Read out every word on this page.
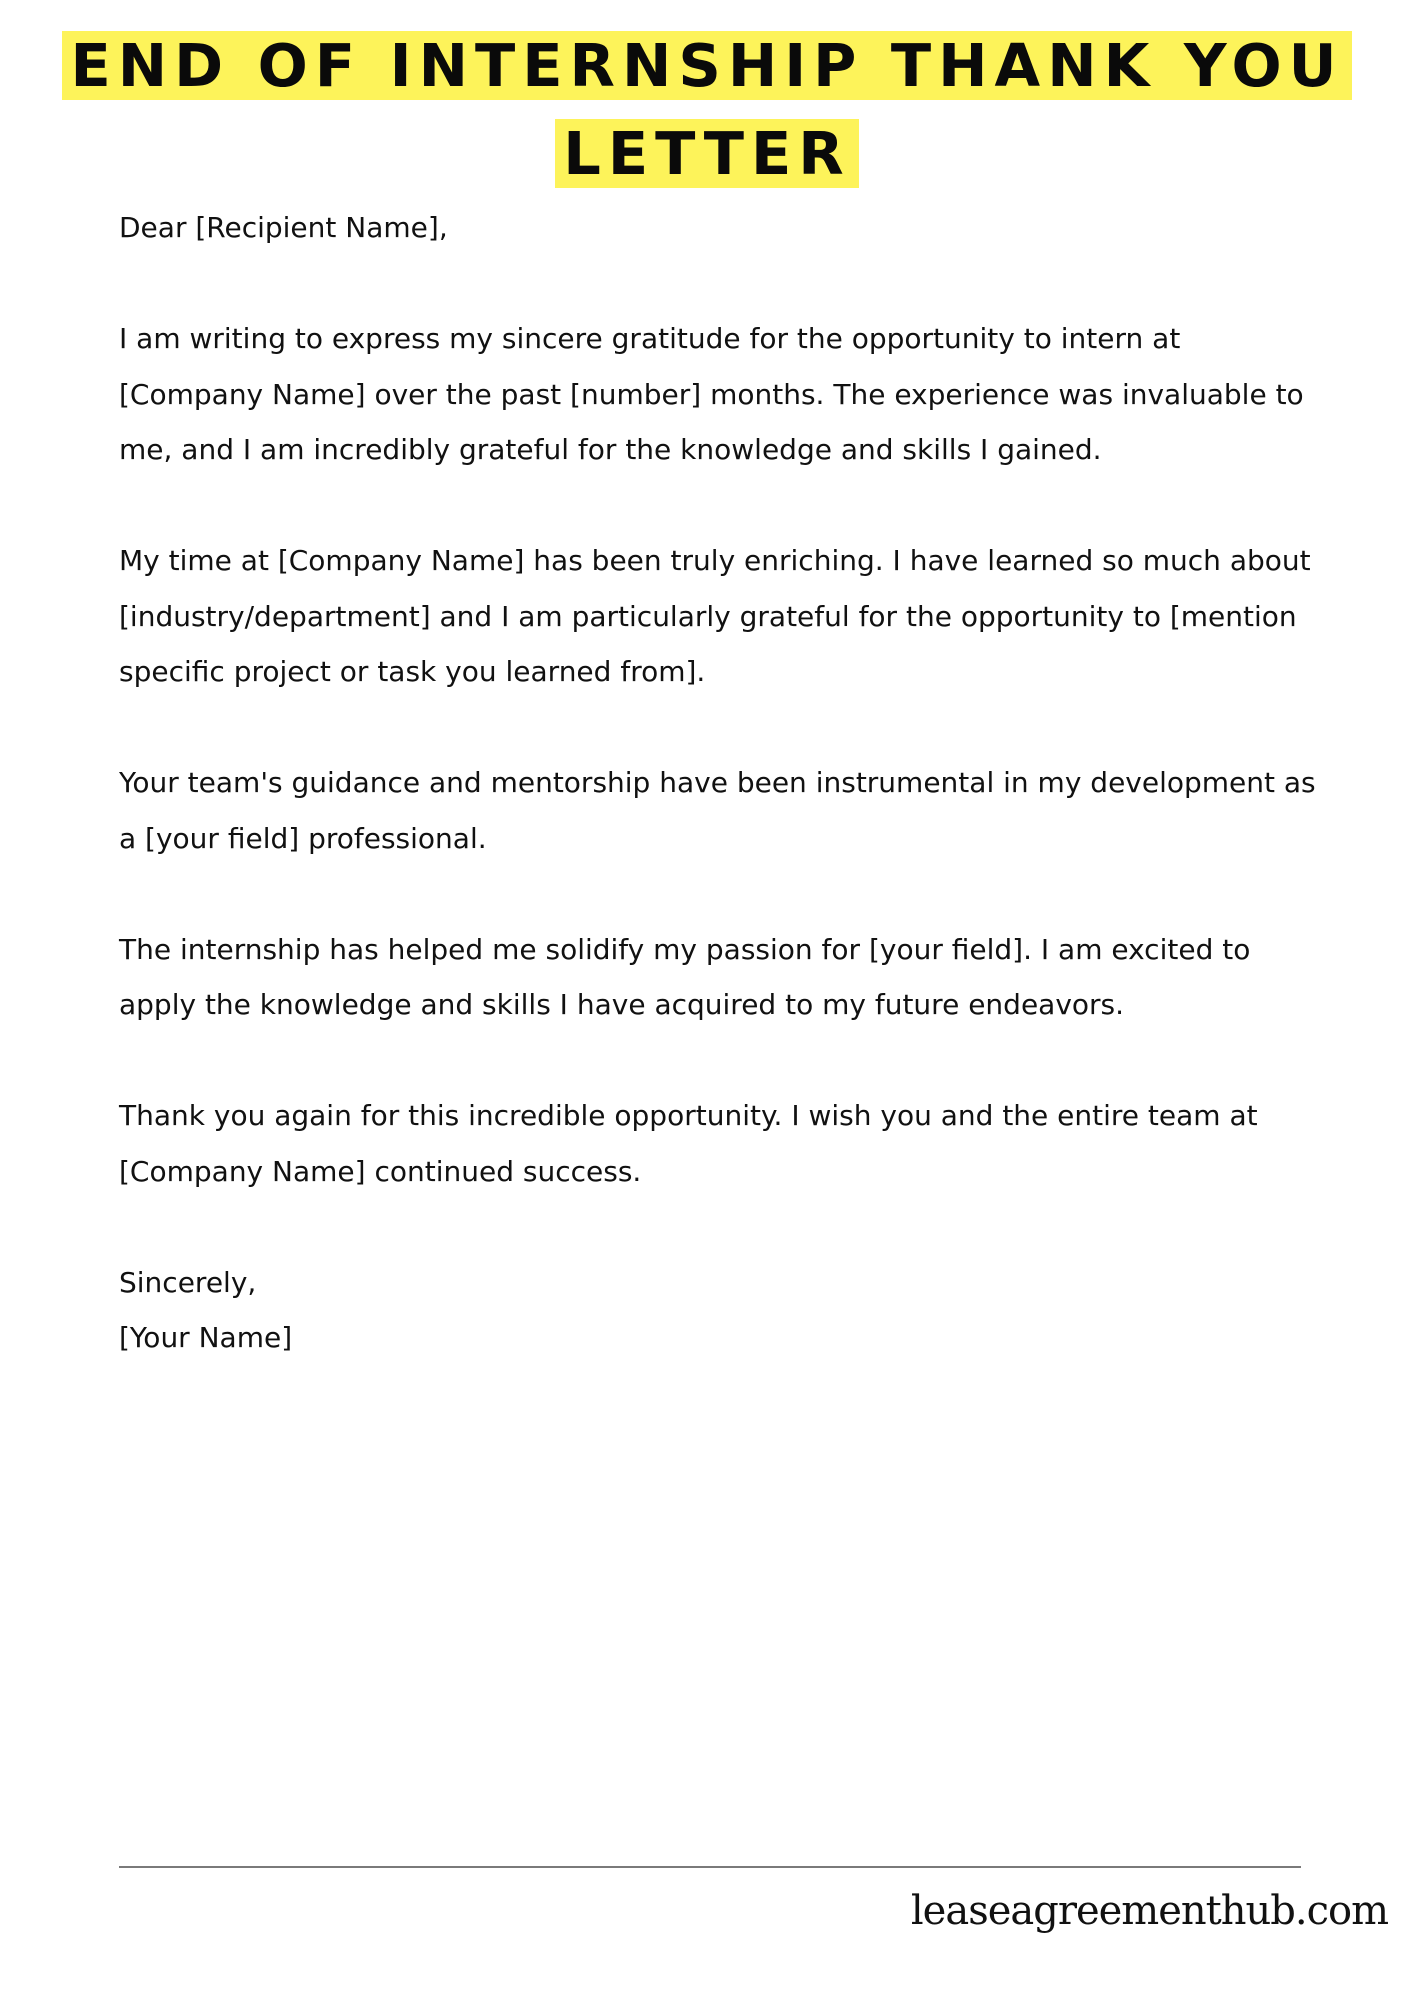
END OF INTERNSHIP THANK YOU LETTER

Dear [Recipient Name],

I am writing to express my sincere gratitude for the opportunity to intern at [Company Name] over the past [number] months. The experience was invaluable to me, and I am incredibly grateful for the knowledge and skills I gained.

My time at [Company Name] has been truly enriching. I have learned so much about [industry/department] and I am particularly grateful for the opportunity to [mention specific project or task you learned from].

Your team's guidance and mentorship have been instrumental in my development as a [your field] professional.

The internship has helped me solidify my passion for [your field]. I am excited to apply the knowledge and skills I have acquired to my future endeavors.

Thank you again for this incredible opportunity. I wish you and the entire team at [Company Name] continued success.

Sincerely,

[Your Name]

leaseagreementhub.com
